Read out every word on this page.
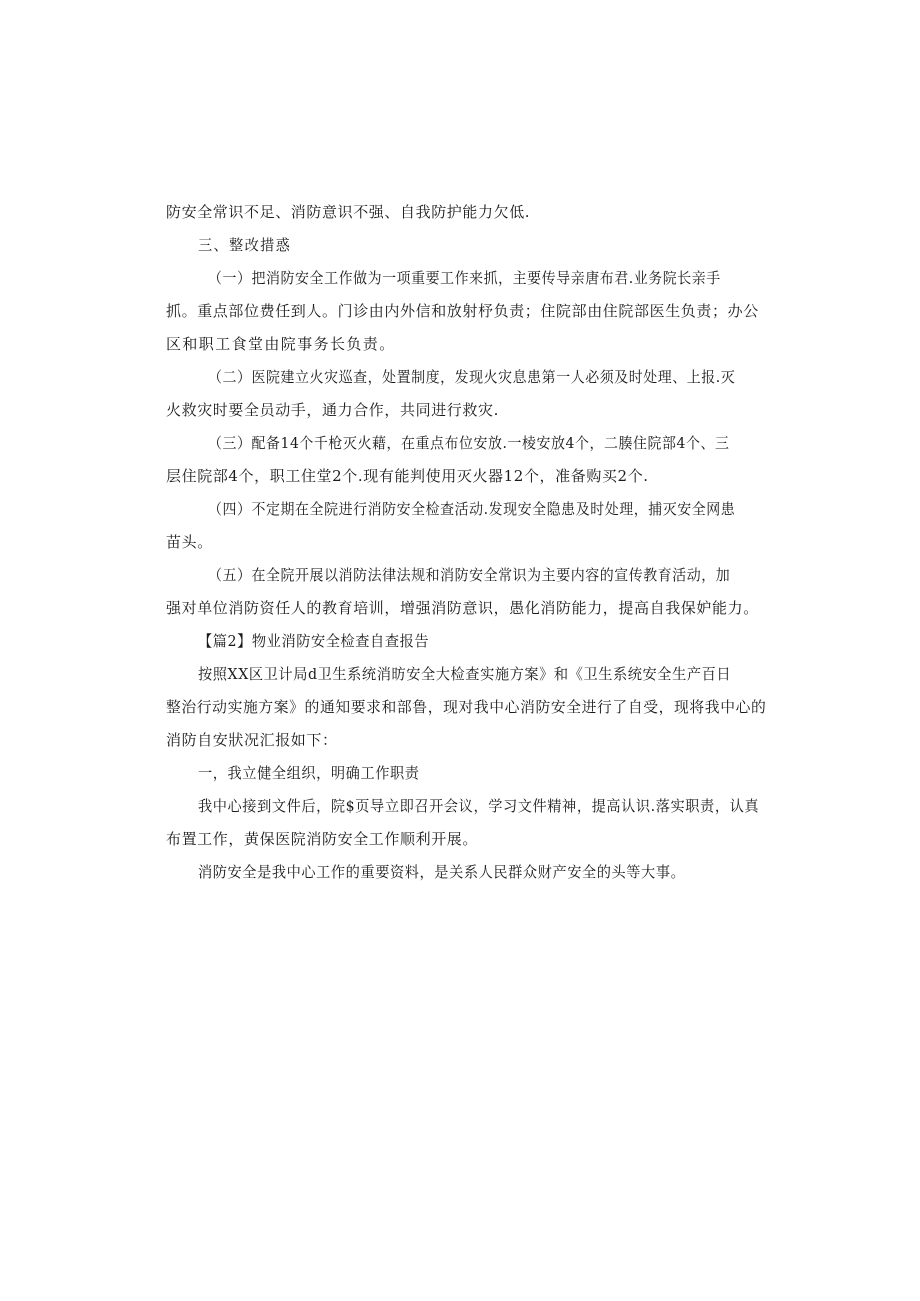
防安全常识不足、消防意识不强、自我防护能力欠低.
三、整改措惑
（一）把消防安全工作做为一项重要工作来抓，主要传导亲唐布君.业务院长亲手
抓。重点部位费任到人。门诊由内外信和放射杼负责；住院部由住院部医生负责；办公
区和职工食堂由院事务长负责。
（二）医院建立火灾巡查，处置制度，发现火灾息患第一人必须及时处理、上报.灭
火救灾时要全员动手，通力合作，共同进行救灾.
（三）配备14个千枪灭火藉，在重点布位安放.一棱安放4个，二腠住院部4个、三
层住院部4个，职工住堂2个.现有能判使用灭火器12个，准备购买2个.
（四）不定期在全院进行消防安全检查活动.发现安全隐患及时处理，捕灭安全网患
苗头。
（五）在全院开展以消防法律法规和消防安全常识为主要内容的宣传教育活动，加
强对单位消防资任人的教育培训，增强消防意识，愚化消防能力，提高自我保妒能力。
【篇2】物业消防安全检查自查报告
按照XX区卫计局d卫生系统消昉安全大检查实施方案》和《卫生系统安全生产百日
整治行动实施方案》的通知要求和部鲁，现对我中心消防安全进行了自受，现将我中心的
消防自安狀况汇报如下：
一，我立健全组织，明确工作职责
我中心接到文件后，院$页导立即召开会议，学习文件精神，提高认识.落实职责，认真
布置工作，黄保医院消防安全工作顺利开展。
消防安全是我中心工作的重要资料，是关系人民群众财产安全的头等大事。
